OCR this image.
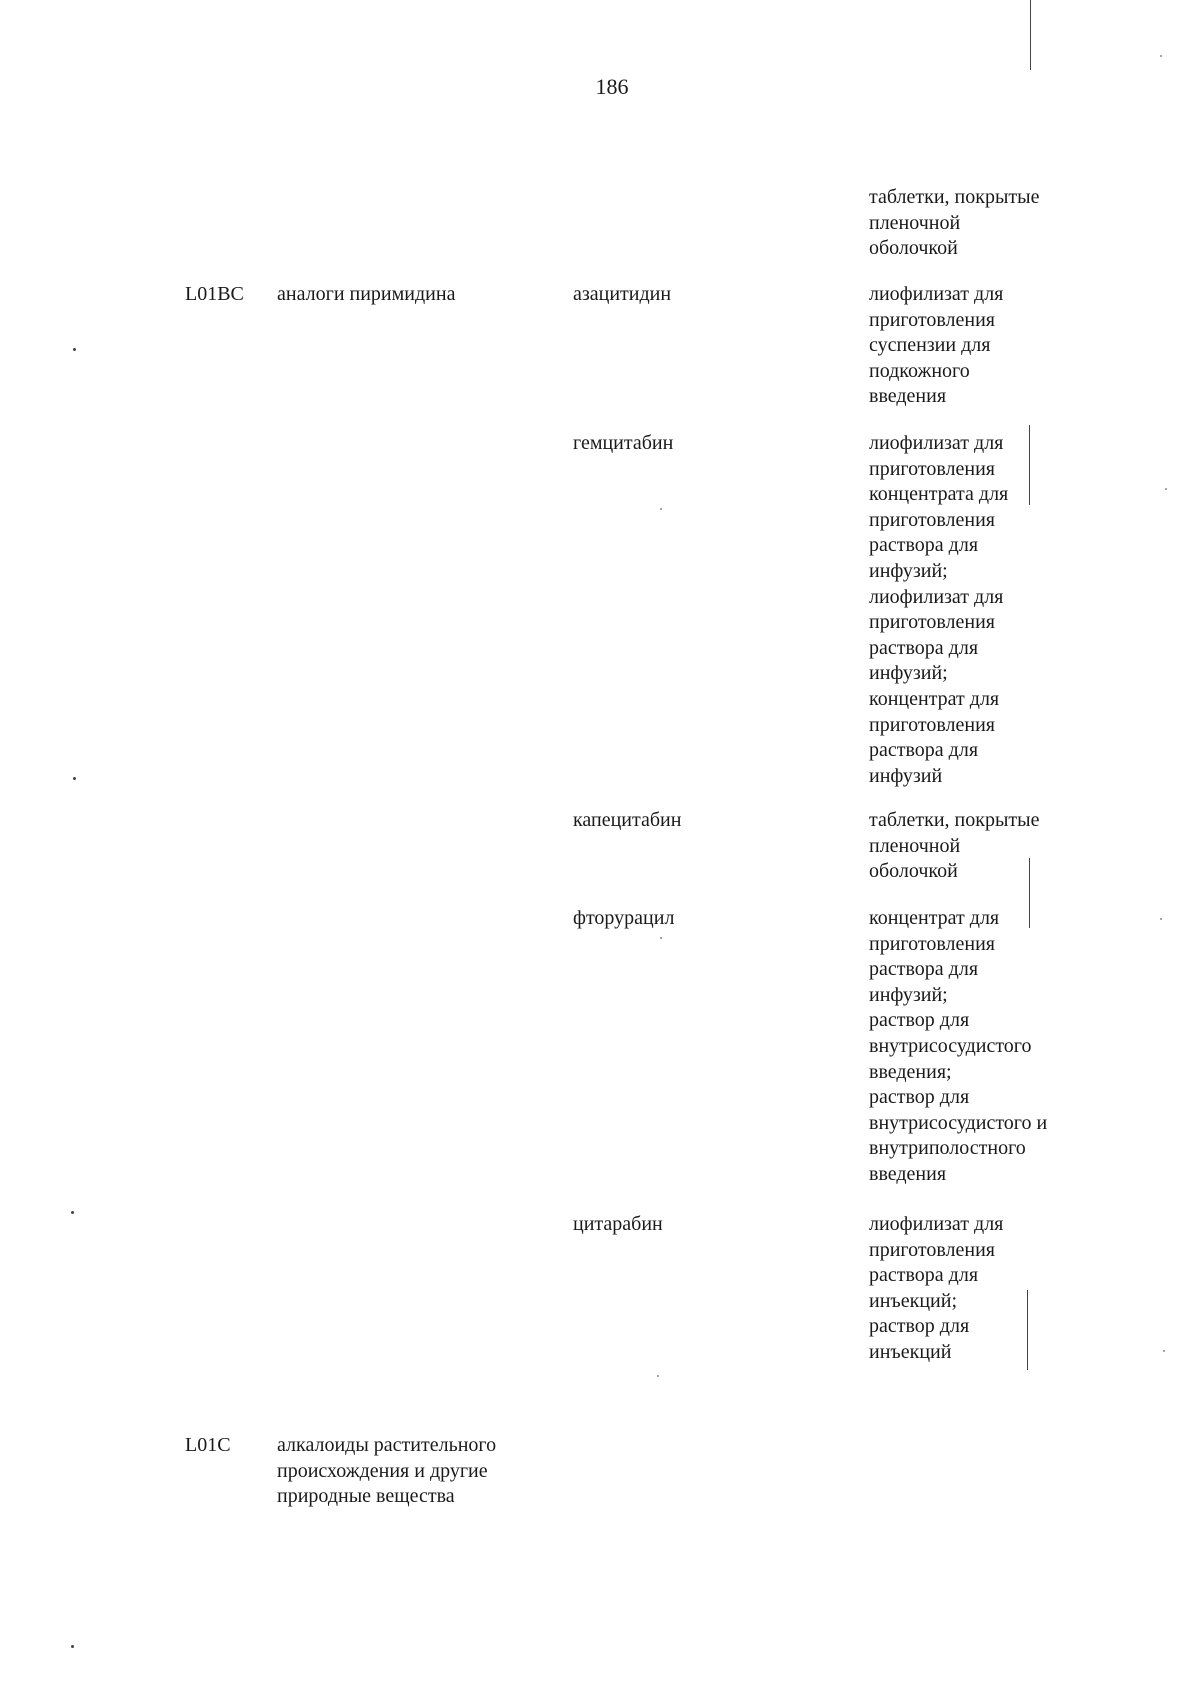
186
таблетки, покрытые
пленочной
оболочкой
L01BC аналоги пиримидина	азацитидин	лиофилизат для
приготовления
суспензии для
подкожного
введения
гемцитабин	лиофилизат для
приготовления
концентрата для
приготовления
раствора для
инфузий;
лиофилизат для
приготовления
раствора для
инфузий;
концентрат для
приготовления
раствора для
инфузий
капецитабин	таблетки, покрытые
пленочной
оболочкой
фторурацил	концентрат для
приготовления
раствора для
инфузий;
раствор для
внутрисосудистого
введения;
раствор для
внутрисосудистого и
внутриполостного
введения
цитарабин	лиофилизат для
приготовления
раствора для
инъекций;
раствор для
инъекций
L01C алкалоиды растительного
происхождения и другие
природные вещества
